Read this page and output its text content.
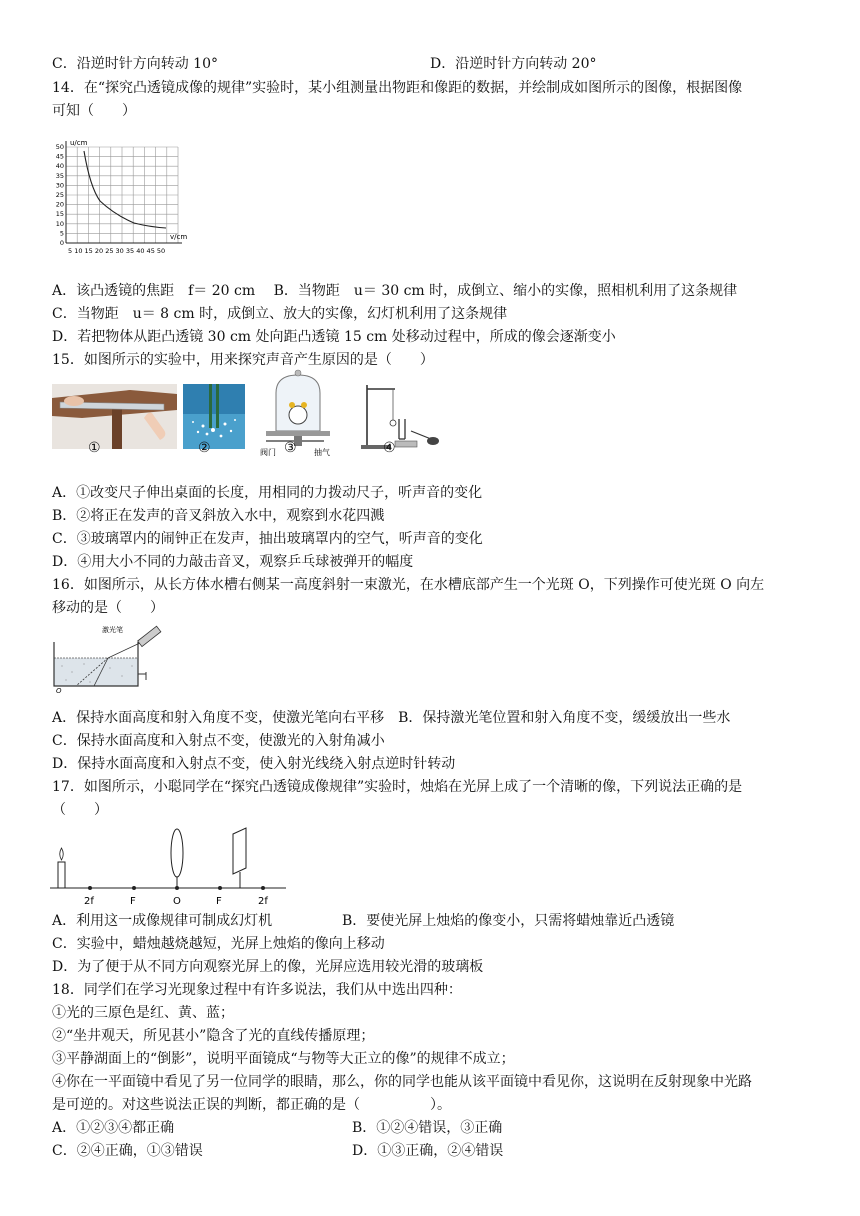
C．沿逆时针方向转动 10°	D．沿逆时针方向转动 20°
14．在“探究凸透镜成像的规律”实验时，某小组测量出物距和像距的数据，并绘制成如图所示的图像，根据图像
可知（　　）
u/cm
v/cm
50
45
40
35
30
25
20
15
10
5
0
5 10 15 20 25 30 35 40 45 50
A．该凸透镜的焦距　f＝ 20 cm　 B．当物距　u＝ 30 cm 时，成倒立、缩小的实像，照相机利用了这条规律
C．当物距　u＝ 8 cm 时，成倒立、放大的实像，幻灯机利用了这条规律
D．若把物体从距凸透镜 30 cm 处向距凸透镜 15 cm 处移动过程中，所成的像会逐渐变小
15．如图所示的实验中，用来探究声音产生原因的是（　　）
①	②	阀门	抽气
③	④
A．①改变尺子伸出桌面的长度，用相同的力拨动尺子，听声音的变化
B．②将正在发声的音叉斜放入水中，观察到水花四溅
C．③玻璃罩内的闹钟正在发声，抽出玻璃罩内的空气，听声音的变化
D．④用大小不同的力敲击音叉，观察乒乓球被弹开的幅度
16．如图所示，从长方体水槽右侧某一高度斜射一束激光，在水槽底部产生一个光斑 O，下列操作可使光斑 O 向左
移动的是（　　）
激光笔
O
A．保持水面高度和射入角度不变，使激光笔向右平移　B．保持激光笔位置和射入角度不变，缓缓放出一些水
C．保持水面高度和入射点不变，使激光的入射角减小
D．保持水面高度和入射点不变，使入射光线绕入射点逆时针转动
17．如图所示，小聪同学在“探究凸透镜成像规律”实验时，烛焰在光屏上成了一个清晰的像，下列说法正确的是
（　　）
2f	F	O	F	2f
A．利用这一成像规律可制成幻灯机	B．要使光屏上烛焰的像变小，只需将蜡烛靠近凸透镜
C．实验中，蜡烛越烧越短，光屏上烛焰的像向上移动
D．为了便于从不同方向观察光屏上的像，光屏应选用较光滑的玻璃板
18．同学们在学习光现象过程中有许多说法，我们从中选出四种：
①光的三原色是红、黄、蓝；
②“坐井观天，所见甚小”隐含了光的直线传播原理；
③平静湖面上的“倒影”，说明平面镜成“与物等大正立的像”的规律不成立；
④你在一平面镜中看见了另一位同学的眼睛，那么，你的同学也能从该平面镜中看见你，这说明在反射现象中光路
是可逆的。对这些说法正误的判断，都正确的是（　　　　　）。
A．①②③④都正确	B．①②④错误，③正确
C．②④正确，①③错误	D．①③正确，②④错误
